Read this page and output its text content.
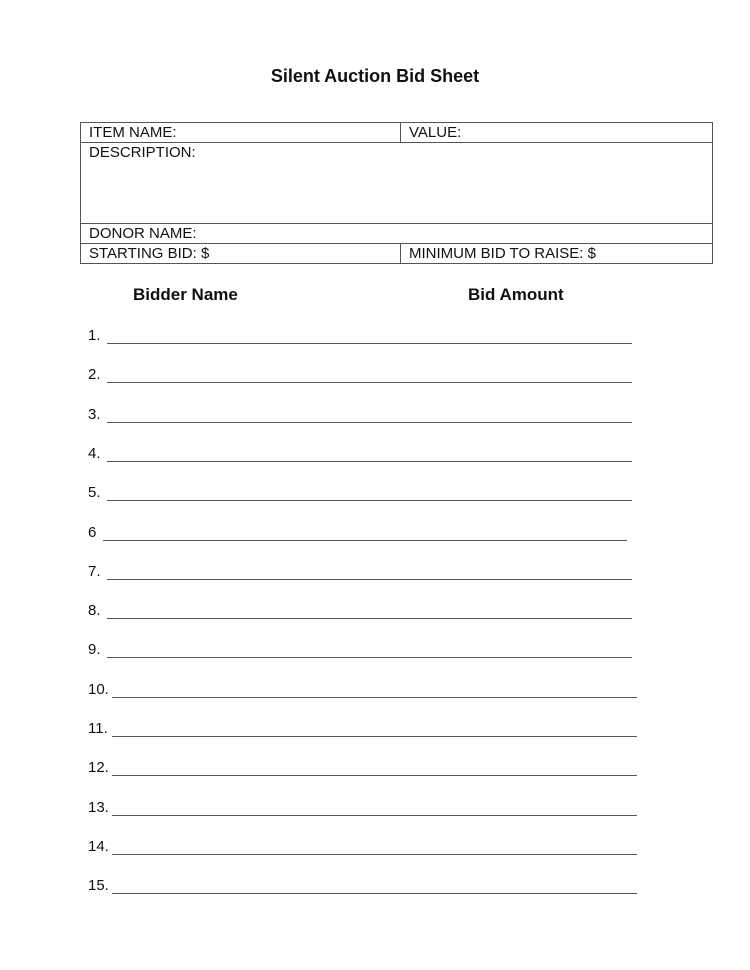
Silent Auction Bid Sheet
ITEM NAME:	VALUE:
DESCRIPTION:	
DONOR NAME:	
STARTING BID: $	MINIMUM BID TO RAISE: $
Bidder Name	Bid Amount
1.
2.
3.
4.
5.
6
7.
8.
9.
10.
11.
12.
13.
14.
15.
